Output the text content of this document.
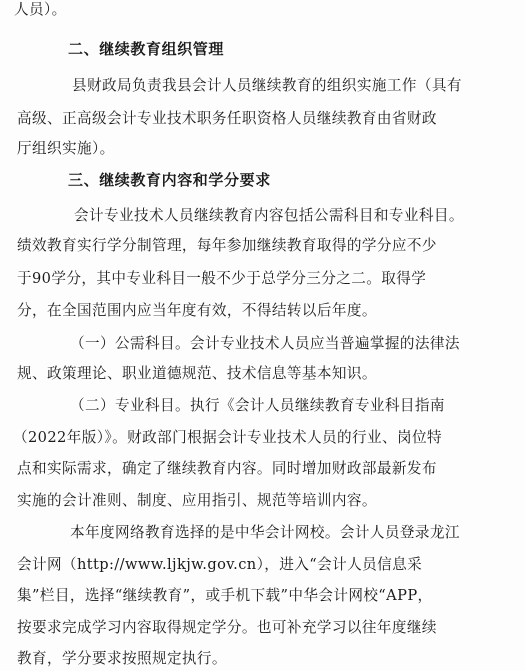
人员）。
二、继续教育组织管理
县财政局负责我县会计人员继续教育的组织实施工作（具有
高级、正高级会计专业技术职务任职资格人员继续教育由省财政
厅组织实施）。
三、继续教育内容和学分要求
会计专业技术人员继续教育内容包括公需科目和专业科目。
绩效教育实行学分制管理，每年参加继续教育取得的学分应不少
于90学分，其中专业科目一般不少于总学分三分之二。取得学
分，在全国范围内应当年度有效，不得结转以后年度。
（一）公需科目。会计专业技术人员应当普遍掌握的法律法
规、政策理论、职业道德规范、技术信息等基本知识。
（二）专业科目。执行《会计人员继续教育专业科目指南
（2022年版）》。财政部门根据会计专业技术人员的行业、岗位特
点和实际需求，确定了继续教育内容。同时增加财政部最新发布
实施的会计准则、制度、应用指引、规范等培训内容。
本年度网络教育选择的是中华会计网校。会计人员登录龙江
会计网（http://www.ljkjw.gov.cn），进入“会计人员信息采
集”栏目，选择“继续教育”，或手机下载”中华会计网校“APP，
按要求完成学习内容取得规定学分。也可补充学习以往年度继续
教育，学分要求按照规定执行。
